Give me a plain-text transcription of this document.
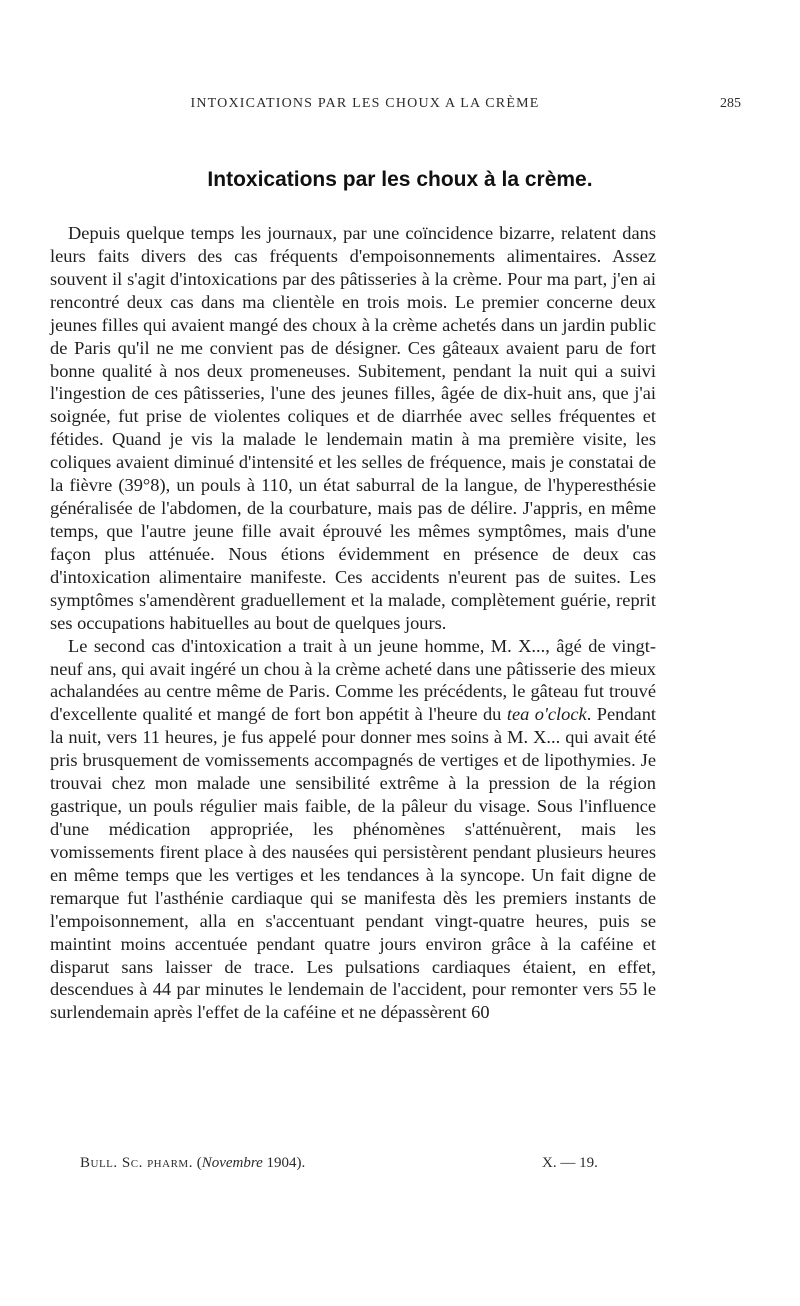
INTOXICATIONS PAR LES CHOUX A LA CRÈME	285
Intoxications par les choux à la crème.

Depuis quelque temps les journaux, par une coïncidence bizarre, relatent dans leurs faits divers des cas fréquents d'empoisonnements alimentaires. Assez souvent il s'agit d'intoxications par des pâtisseries à la crème. Pour ma part, j'en ai rencontré deux cas dans ma clientèle en trois mois. Le premier concerne deux jeunes filles qui avaient mangé des choux à la crème achetés dans un jardin public de Paris qu'il ne me convient pas de désigner. Ces gâteaux avaient paru de fort bonne qualité à nos deux promeneuses. Subitement, pendant la nuit qui a suivi l'ingestion de ces pâtisseries, l'une des jeunes filles, âgée de dix-huit ans, que j'ai soignée, fut prise de violentes coliques et de diarrhée avec selles fréquentes et fétides. Quand je vis la malade le lendemain matin à ma première visite, les coliques avaient diminué d'intensité et les selles de fréquence, mais je constatai de la fièvre (39°8), un pouls à 110, un état saburral de la langue, de l'hyperesthésie généralisée de l'abdomen, de la courbature, mais pas de délire. J'appris, en même temps, que l'autre jeune fille avait éprouvé les mêmes symptômes, mais d'une façon plus atténuée. Nous étions évidemment en présence de deux cas d'intoxication alimentaire manifeste. Ces accidents n'eurent pas de suites. Les symptômes s'amendèrent graduellement et la malade, complètement guérie, reprit ses occupations habituelles au bout de quelques jours.

Le second cas d'intoxication a trait à un jeune homme, M. X..., âgé de vingt-neuf ans, qui avait ingéré un chou à la crème acheté dans une pâtisserie des mieux achalandées au centre même de Paris. Comme les précédents, le gâteau fut trouvé d'excellente qualité et mangé de fort bon appétit à l'heure du tea o'clock. Pendant la nuit, vers 11 heures, je fus appelé pour donner mes soins à M. X... qui avait été pris brusquement de vomissements accompagnés de vertiges et de lipothymies. Je trouvai chez mon malade une sensibilité extrême à la pression de la région gastrique, un pouls régulier mais faible, de la pâleur du visage. Sous l'influence d'une médication appropriée, les phénomènes s'atténuèrent, mais les vomissements firent place à des nausées qui persistèrent pendant plusieurs heures en même temps que les vertiges et les tendances à la syncope. Un fait digne de remarque fut l'asthénie cardiaque qui se manifesta dès les premiers instants de l'empoisonnement, alla en s'accentuant pendant vingt-quatre heures, puis se maintint moins accentuée pendant quatre jours environ grâce à la caféine et disparut sans laisser de trace. Les pulsations cardiaques étaient, en effet, descendues à 44 par minutes le lendemain de l'accident, pour remonter vers 55 le surlendemain après l'effet de la caféine et ne dépassèrent 60

Bull. Sc. pharm. (Novembre 1904).	X. — 19.
